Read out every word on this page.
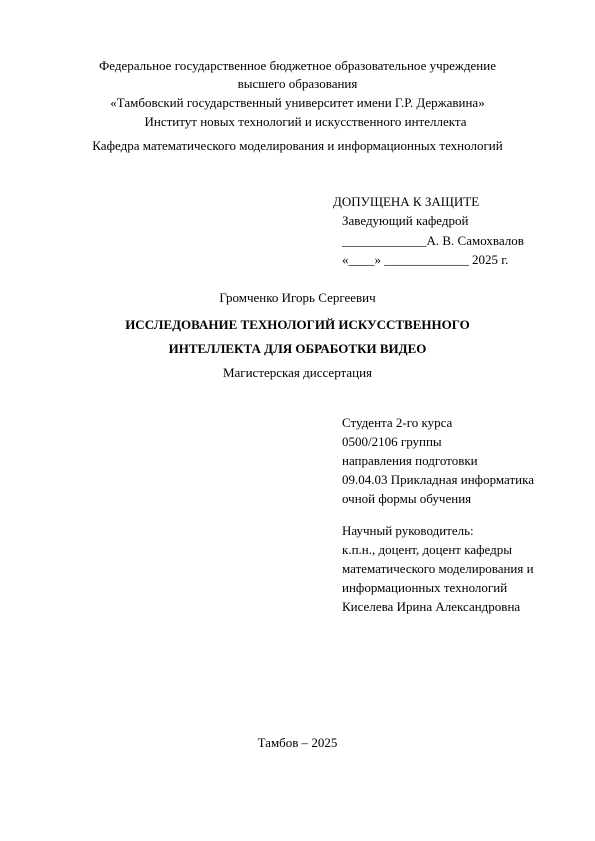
Федеральное государственное бюджетное образовательное учреждение
высшего образования
«Тамбовский государственный университет имени Г.Р. Державина»
Институт новых технологий и искусственного интеллекта
Кафедра математического моделирования и информационных технологий
ДОПУЩЕНА К ЗАЩИТЕ
Заведующий кафедрой
_____________А. В. Самохвалов
«____» _____________ 2025 г.
Громченко Игорь Сергеевич
ИССЛЕДОВАНИЕ ТЕХНОЛОГИЙ ИСКУССТВЕННОГО
ИНТЕЛЛЕКТА ДЛЯ ОБРАБОТКИ ВИДЕО
Магистерская диссертация
Студента 2-го курса
0500/2106 группы
направления подготовки
09.04.03 Прикладная информатика
очной формы обучения
Научный руководитель:
к.п.н., доцент, доцент кафедры
математического моделирования и
информационных технологий
Киселева Ирина Александровна
Тамбов – 2025
